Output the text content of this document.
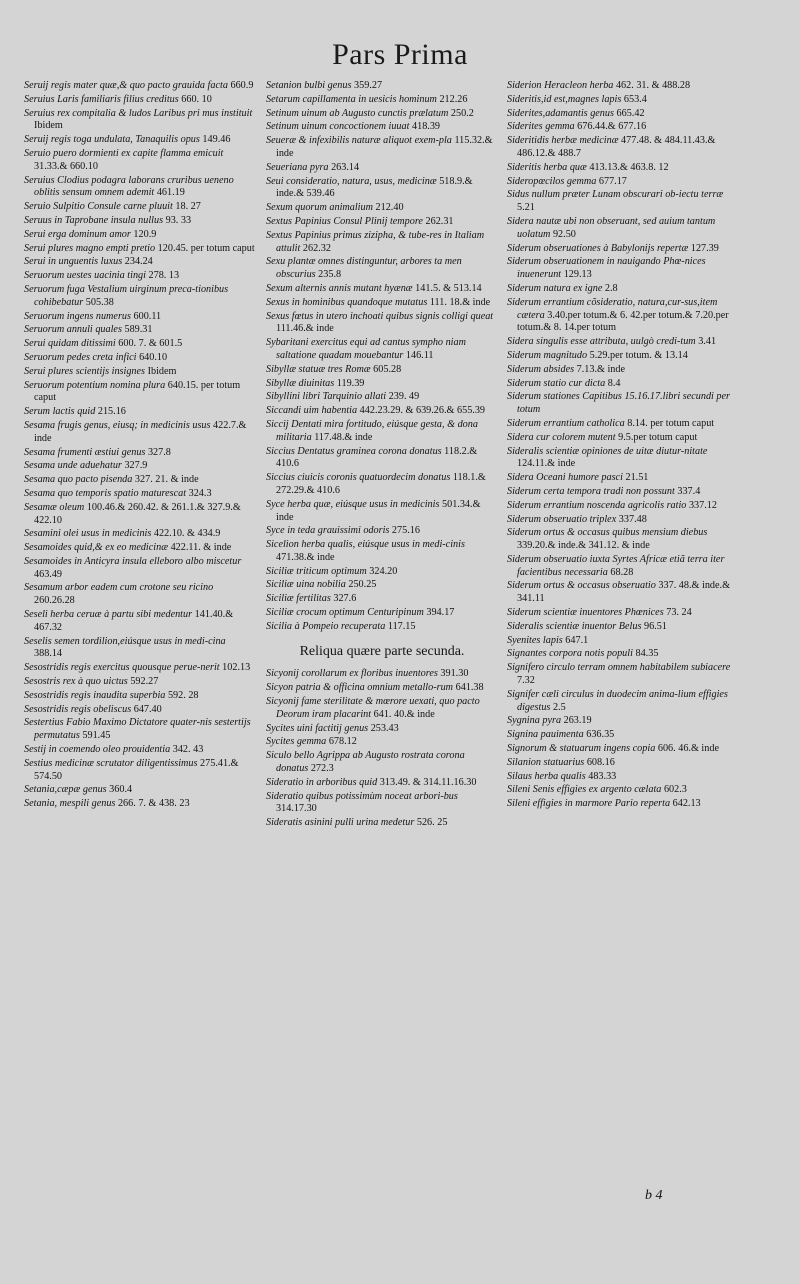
Pars Prima
Seruij regis mater quæ,& quo pacto grauida facta 660.9
Seruius Laris familiaris filius creditus 660. 10
Seruius rex compitalia & ludos Laribus pri mus instituit Ibidem
Seruij regis toga undulata, Tanaquilis opus 149.46
Seruio puero dormienti ex capite flamma emicuit 31.33.& 660.10
Seruius Clodius podagra laborans cruribus ueneno oblitis sensum omnem ademit 461.19
Seruio Sulpitio Consule carne pluuit 18. 27
Seruus in Taprobane insula nullus 93. 33
Serui erga dominum amor 120.9
Serui plures magno empti pretio 120.45. per totum caput
Serui in unguentis luxus 234.24
Seruorum uestes uacinia tingi 278. 13
Seruorum fuga Vestalium uirginum preca-tionibus cohibebatur 505.38
Seruorum ingens numerus 600.11
Seruorum annuli quales 589.31
Serui quidam ditissimi 600. 7. & 601.5
Seruorum pedes creta infici 640.10
Serui plures scientijs insignes Ibidem
Seruorum potentium nomina plura 640.15. per totum caput
Serum lactis quid 215.16
Sesama frugis genus, eiusq; in medicinis usus 422.7.& inde
Sesama frumenti æstiui genus 327.8
Sesama unde aduehatur 327.9
Sesama quo pacto pisenda 327. 21. & inde
Sesama quo temporis spatio maturescat 324.3
Sesamæ oleum 100.46.& 260.42. & 261.1.& 327.9.& 422.10
Sesamini olei usus in medicinis 422.10. & 434.9
Sesamoides quid,& ex eo medicinæ 422.11. & inde
Sesamoides in Anticyra insula elleboro albo miscetur 463.49
Sesamum arbor eadem cum crotone seu ricino 260.26.28
Seseli herba ceruæ à partu sibi medentur 141.40.& 467.32
Seselis semen tordilion,eiúsque usus in medi-cina 388.14
Sesostridis regis exercitus quousque perue-nerit 102.13
Sesostris rex à quo uictus 592.27
Sesostridis regis inaudita superbia 592. 28
Sesostridis regis obeliscus 647.40
Sestertius Fabio Maximo Dictatore quater-nis sestertijs permutatus 591.45
Sestij in coemendo oleo prouidentia 342. 43
Sestius medicinæ scrutator diligentissimus 275.41.& 574.50
Setania,cæpæ genus 360.4
Setania, mespili genus 266. 7. & 438. 23
Setanion bulbi genus 359.27
Setarum capillamenta in uesicis hominum 212.26
Setinum uinum ab Augusto cunctis prælatum 250.2
Setinum uinum concoctionem iuuat 418.39
Seueræ & infexibilis naturæ aliquot exem-pla 115.32.& inde
Seueriana pyra 263.14
Seui consideratio, natura, usus, medicinæ 518.9.& inde.& 539.46
Sexum quorum animalium 212.40
Sextus Papinius Consul Plinij tempore 262.31
Sextus Papinius primus zizipha, & tube-res in Italiam attulit 262.32
Sexu plantæ omnes distinguntur, arbores ta men obscurius 235.8
Sexum alternis annis mutant hyænæ 141.5. & 513.14
Sexus in hominibus quandoque mutatus 111. 18.& inde
Sexus fœtus in utero inchoati quibus signis colligi queat 111.46.& inde
Sybaritani exercitus equi ad cantus sympho niam saltatione quadam mouebantur 146.11
Sibyllæ statuæ tres Romæ 605.28
Sibyllæ diuinitas 119.39
Sibyllini libri Tarquinio allati 239. 49
Siccandi uim habentia 442.23.29. & 639.26.& 655.39
Siccij Dentati mira fortitudo, eiúsque gesta, & dona militaria 117.48.& inde
Siccius Dentatus graminea corona donatus 118.2.& 410.6
Siccius ciuicis coronis quatuordecim donatus 118.1.& 272.29.& 410.6
Syce herba quæ, eiúsque usus in medicinis 501.34.& inde
Syce in teda grauissimi odoris 275.16
Sicelion herba qualis, eiúsque usus in medi-cinis 471.38.& inde
Siciliæ triticum optimum 324.20
Siciliæ uina nobilia 250.25
Siciliæ fertilitas 327.6
Siciliæ crocum optimum Centuripinum 394.17
Sicilia à Pompeio recuperata 117.15
Reliqua quære parte secunda.
Sicyonij corollarum ex floribus inuentores 391.30
Sicyon patria & officina omnium metallo-rum 641.38
Sicyonij fame sterilitate & mœrore uexati, quo pacto Deorum iram placarint 641. 40.& inde
Sycites uini factitij genus 253.43
Sycites gemma 678.12
Siculo bello Agrippa ab Augusto rostrata corona donatus 272.3
Sideratio in arboribus quid 313.49. & 314.11.16.30
Sideratio quibus potissimùm noceat arbori-bus 314.17.30
Sideratis asinini pulli urina medetur 526. 25
Siderion Heracleon herba 462. 31. & 488.28
Sideritis,id est,magnes lapis 653.4
Siderites,adamantis genus 665.42
Siderites gemma 676.44.& 677.16
Sideritidis herbæ medicinæ 477.48. & 484.11.43.& 486.12.& 488.7
Sideritis herba quæ 413.13.& 463.8. 12
Sideropœcilos gemma 677.17
Sidus nullum præter Lunam obscurari ob-iectu terræ 5.21
Sidera nautæ ubi non obseruant, sed auium tantum uolatum 92.50
Siderum obseruationes à Babylonijs repertæ 127.39
Siderum obseruationem in nauigando Phœ-nices inuenerunt 129.13
Siderum natura ex igne 2.8
Siderum errantium cõsideratio, natura,cur-sus,item cætera 3.40.per totum.& 6. 42.per totum.& 7.20.per totum.& 8. 14.per totum
Sidera singulis esse attributa, uulgò credi-tum 3.41
Siderum magnitudo 5.29.per totum. & 13.14
Siderum absides 7.13.& inde
Siderum statio cur dicta 8.4
Siderum stationes Capitibus 15.16.17.libri secundi per totum
Siderum errantium catholica 8.14. per totum caput
Sidera cur colorem mutent 9.5.per totum caput
Sideralis scientiæ opiniones de uitæ diutur-nitate 124.11.& inde
Sidera Oceani humore pasci 21.51
Siderum certa tempora tradi non possunt 337.4
Siderum errantium noscenda agricolis ratio 337.12
Siderum obseruatio triplex 337.48
Siderum ortus & occasus quibus mensium diebus 339.20.& inde.& 341.12. & inde
Siderum obseruatio iuxta Syrtes Africæ etiã terra iter facientibus necessaria 68.28
Siderum ortus & occasus obseruatio 337. 48.& inde.& 341.11
Siderum scientiæ inuentores Phœnices 73. 24
Sideralis scientiæ inuentor Belus 96.51
Syenites lapis 647.1
Signantes corpora notis populi 84.35
Signifero circulo terram omnem habitabilem subiacere 7.32
Signifer cæli circulus in duodecim anima-lium effigies digestus 2.5
Sygnina pyra 263.19
Signina pauimenta 636.35
Signorum & statuarum ingens copia 606. 46.& inde
Silanion statuarius 608.16
Silaus herba qualis 483.33
Sileni Senis effigies ex argento cælata 602.3
Sileni effigies in marmore Pario reperta 642.13
b 4
